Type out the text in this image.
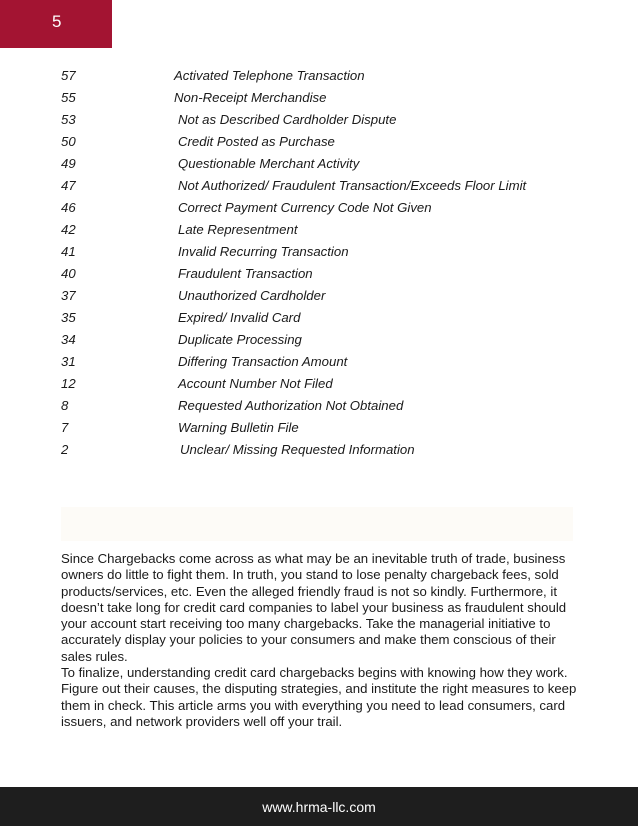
5
57	Activated Telephone Transaction
55	Non-Receipt Merchandise
53	Not as Described Cardholder Dispute
50	Credit Posted as Purchase
49	Questionable Merchant Activity
47	Not Authorized/ Fraudulent Transaction/Exceeds Floor Limit
46	Correct Payment Currency Code Not Given
42	Late Representment
41	Invalid Recurring Transaction
40	Fraudulent Transaction
37	Unauthorized Cardholder
35	Expired/ Invalid Card
34	Duplicate Processing
31	Differing Transaction Amount
12	Account Number Not Filed
8	Requested Authorization Not Obtained
7	Warning Bulletin File
2	Unclear/ Missing Requested Information

Since Chargebacks come across as what may be an inevitable truth of trade, business owners do little to fight them. In truth, you stand to lose penalty chargeback fees, sold products/services, etc. Even the alleged friendly fraud is not so kindly. Furthermore, it doesn’t take long for credit card companies to label your business as fraudulent should your account start receiving too many chargebacks. Take the managerial initiative to accurately display your policies to your consumers and make them conscious of their sales rules.

To finalize, understanding credit card chargebacks begins with knowing how they work. Figure out their causes, the disputing strategies, and institute the right measures to keep them in check. This article arms you with everything you need to lead consumers, card issuers, and network providers well off your trail.

www.hrma-llc.com
